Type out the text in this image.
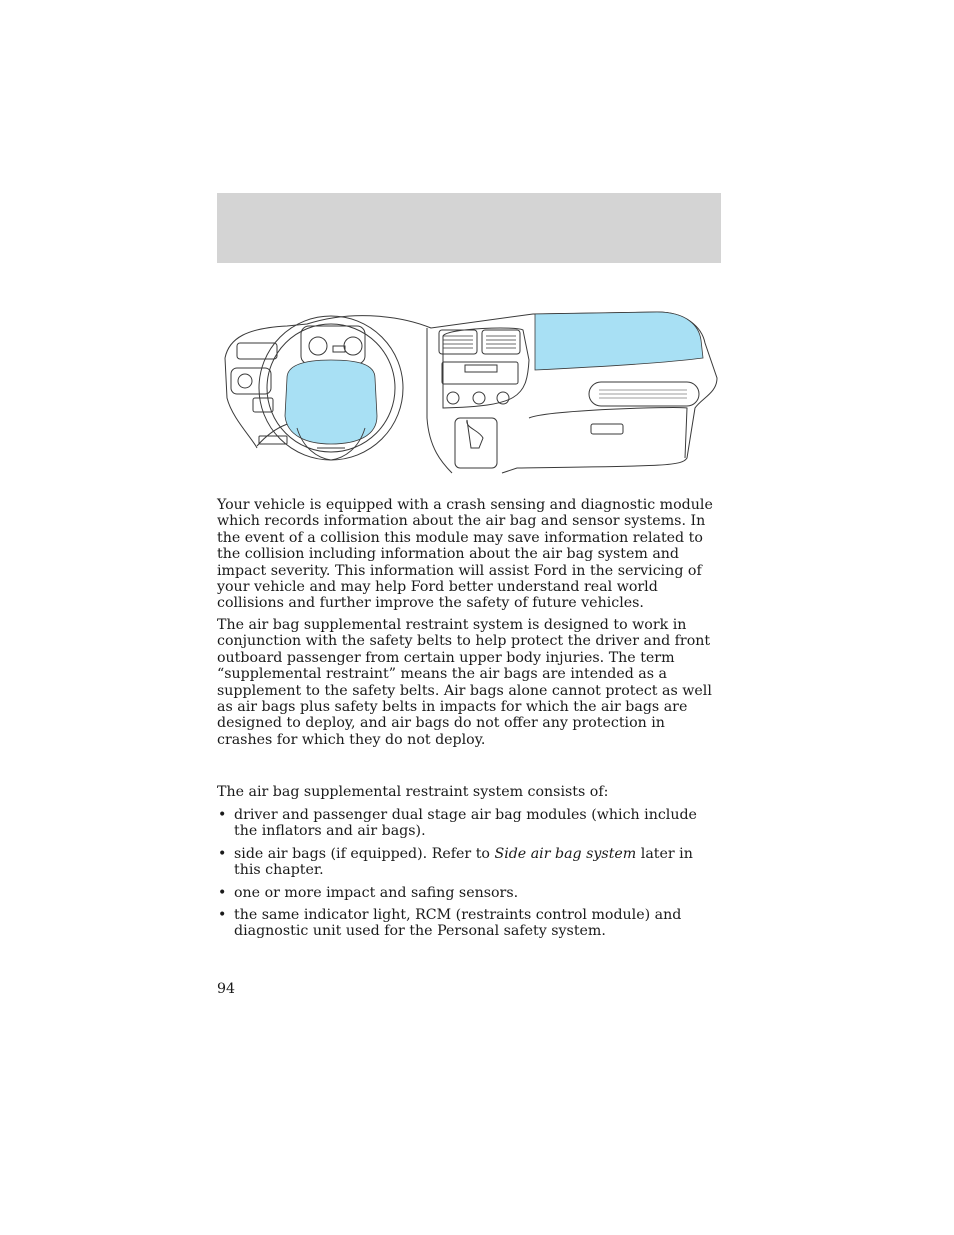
Your vehicle is equipped with a crash sensing and diagnostic module which records information about the air bag and sensor systems. In the event of a collision this module may save information related to the collision including information about the air bag system and impact severity. This information will assist Ford in the servicing of your vehicle and may help Ford better understand real world collisions and further improve the safety of future vehicles.

The air bag supplemental restraint system is designed to work in conjunction with the safety belts to help protect the driver and front outboard passenger from certain upper body injuries. The term “supplemental restraint” means the air bags are intended as a supplement to the safety belts. Air bags alone cannot protect as well as air bags plus safety belts in impacts for which the air bags are designed to deploy, and air bags do not offer any protection in crashes for which they do not deploy.

The air bag supplemental restraint system consists of:

• driver and passenger dual stage air bag modules (which include the inflators and air bags).
• side air bags (if equipped). Refer to Side air bag system later in this chapter.
• one or more impact and safing sensors.
• the same indicator light, RCM (restraints control module) and diagnostic unit used for the Personal safety system.
94
